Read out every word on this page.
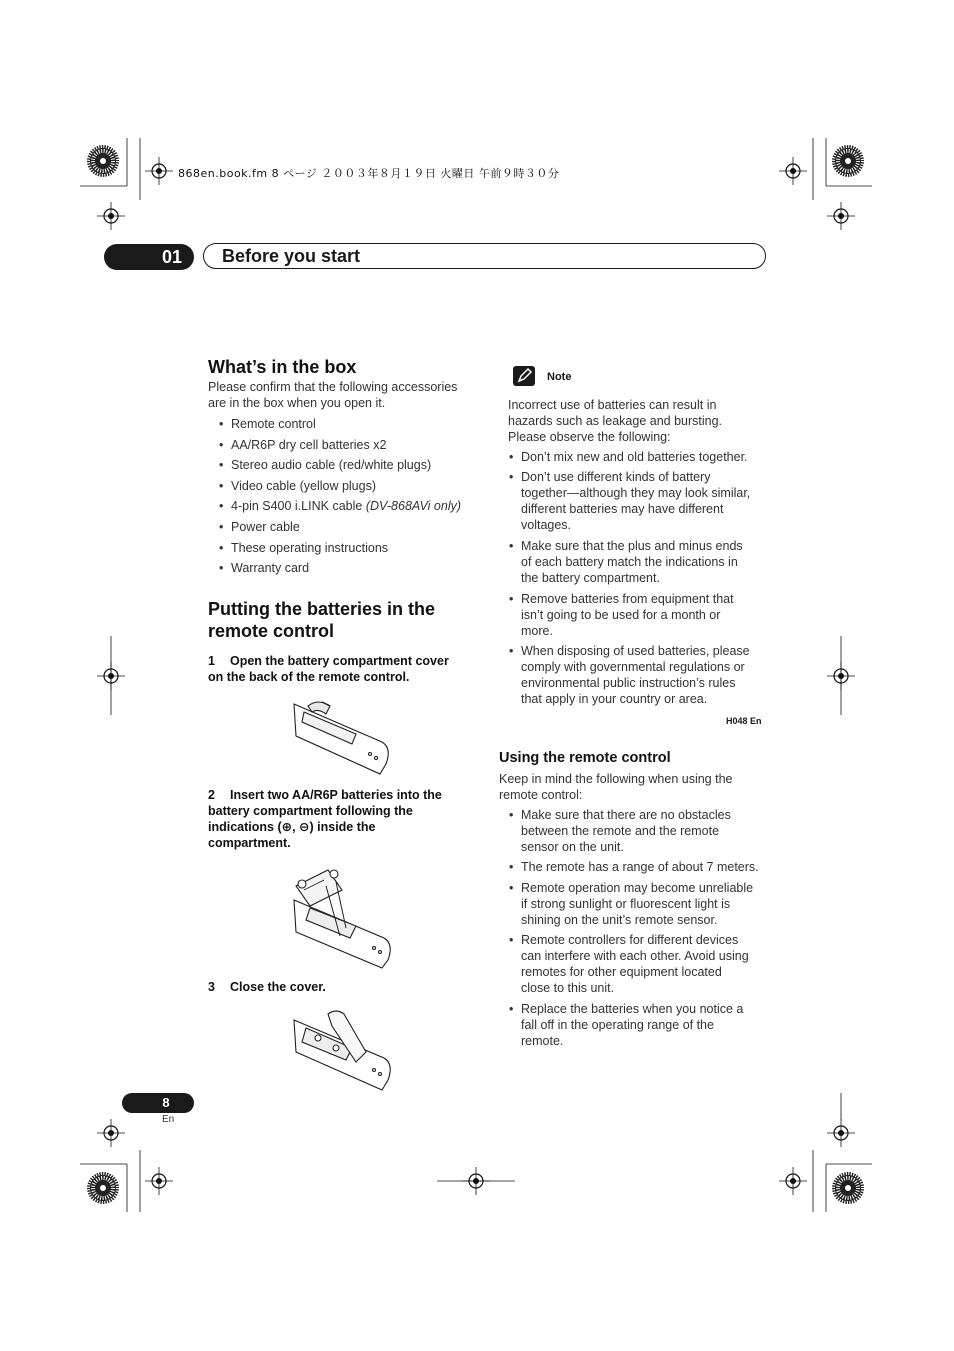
868en.book.fm 8 ページ ２００３年８月１９日 火曜日 午前９時３０分
01	Before you start
What’s in the box
Please confirm that the following accessories
are in the box when you open it.
• Remote control
• AA/R6P dry cell batteries x2
• Stereo audio cable (red/white plugs)
• Video cable (yellow plugs)
• 4-pin S400 i.LINK cable (DV-868AVi only)
• Power cable
• These operating instructions
• Warranty card
Putting the batteries in the
remote control
1 Open the battery compartment cover
on the back of the remote control.
2 Insert two AA/R6P batteries into the
battery compartment following the
indications (⊕, ⊖) inside the
compartment.
3 Close the cover.
Note
Incorrect use of batteries can result in
hazards such as leakage and bursting.
Please observe the following:
• Don’t mix new and old batteries together.
• Don’t use different kinds of battery
together—although they may look similar,
different batteries may have different
voltages.
• Make sure that the plus and minus ends
of each battery match the indications in
the battery compartment.
• Remove batteries from equipment that
isn’t going to be used for a month or
more.
• When disposing of used batteries, please
comply with governmental regulations or
environmental public instruction’s rules
that apply in your country or area.
H048 En
Using the remote control
Keep in mind the following when using the
remote control:
• Make sure that there are no obstacles
between the remote and the remote
sensor on the unit.
• The remote has a range of about 7 meters.
• Remote operation may become unreliable
if strong sunlight or fluorescent light is
shining on the unit’s remote sensor.
• Remote controllers for different devices
can interfere with each other. Avoid using
remotes for other equipment located
close to this unit.
• Replace the batteries when you notice a
fall off in the operating range of the
remote.
8
En
